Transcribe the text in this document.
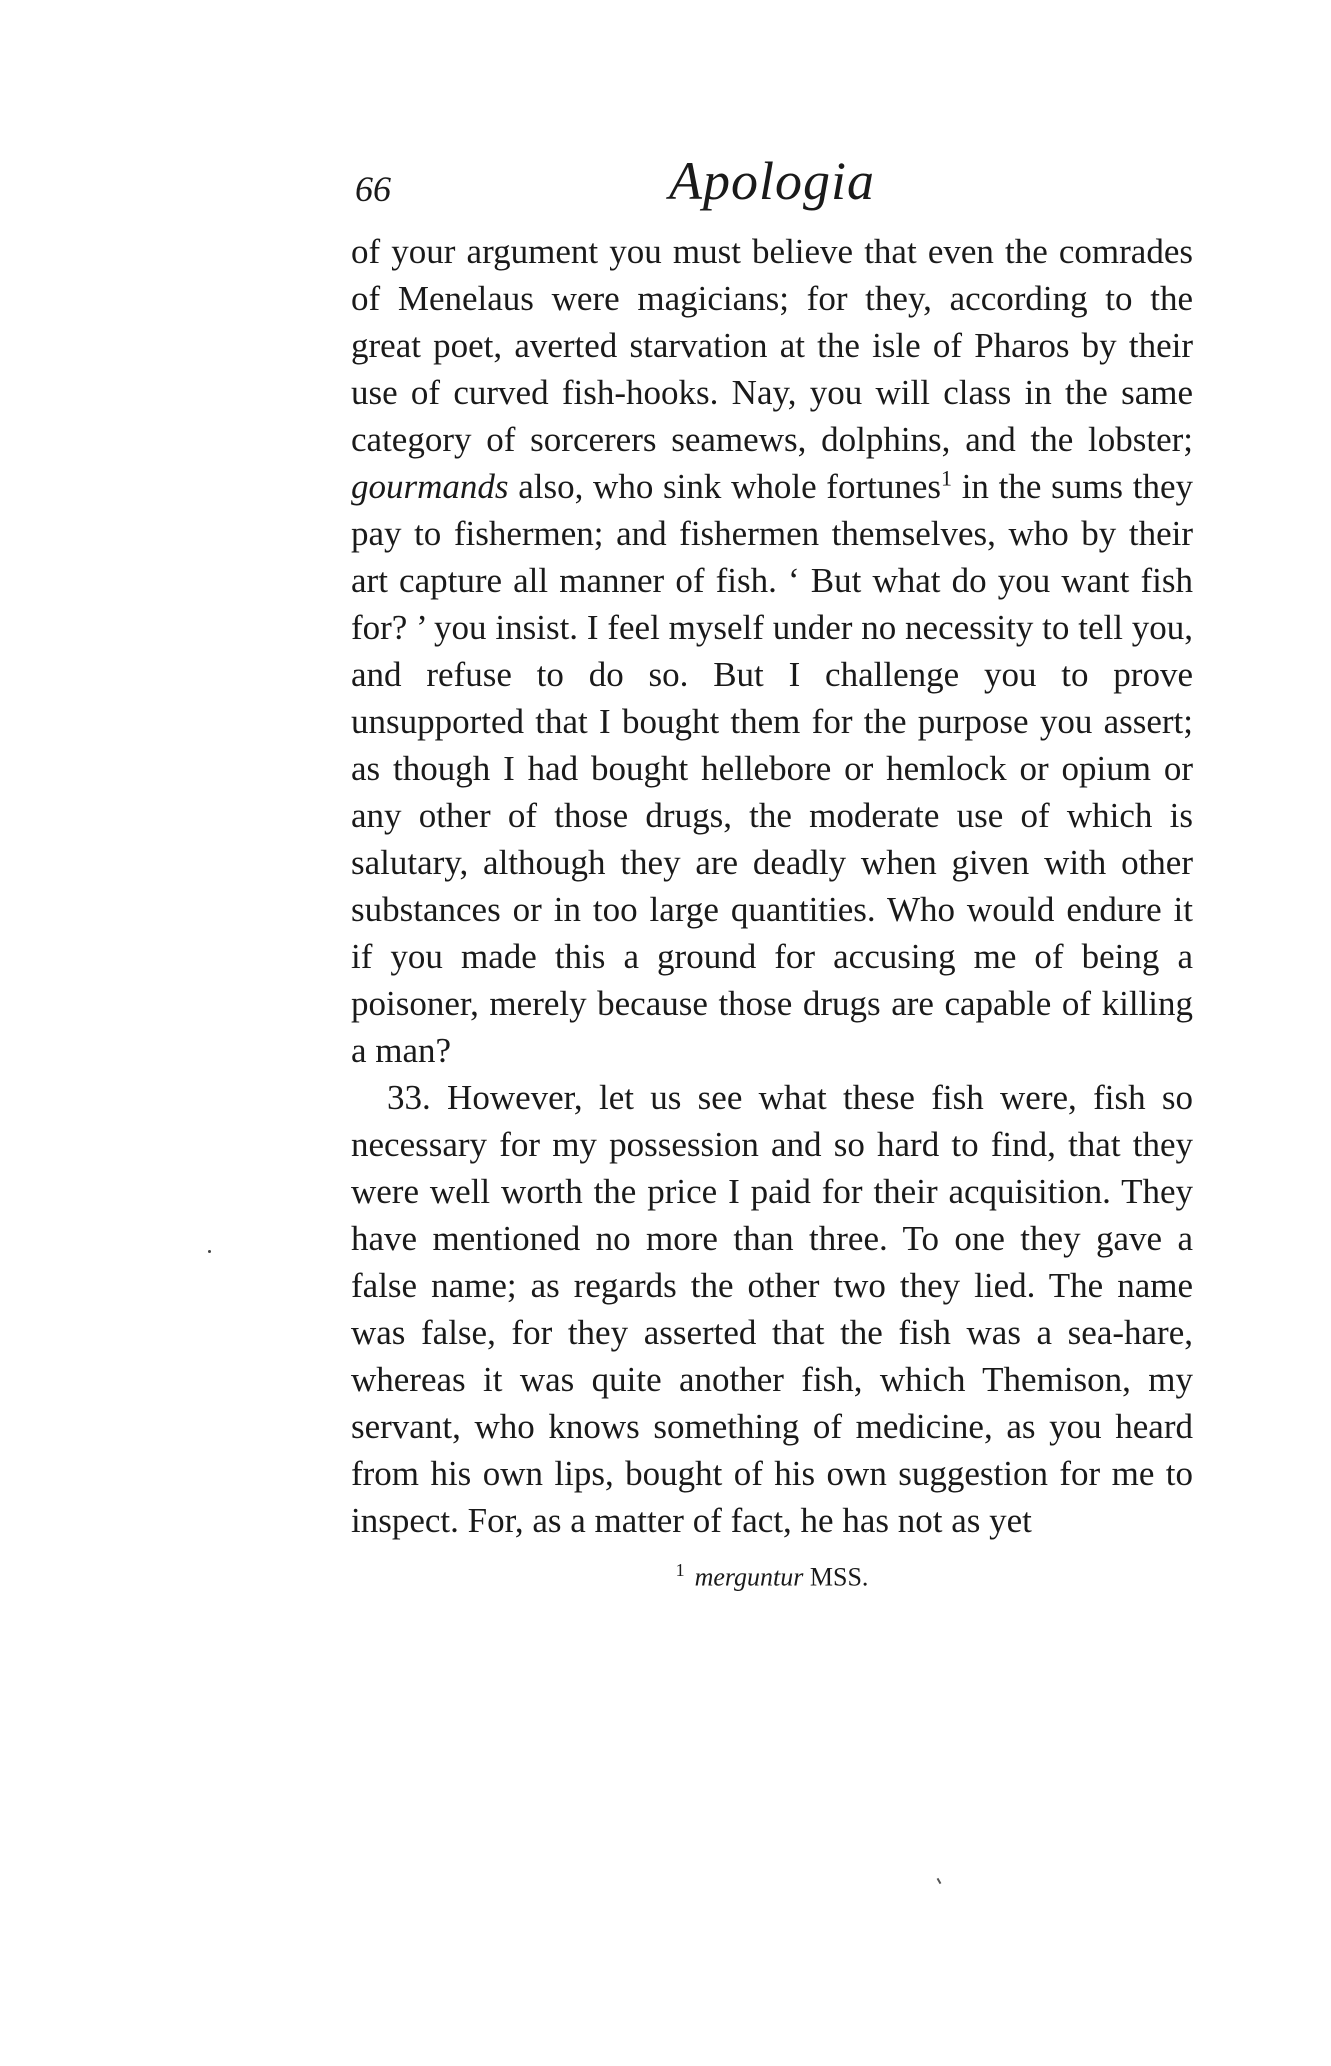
66	Apologia

of your argument you must believe that even the comrades of Menelaus were magicians; for they, according to the great poet, averted starvation at the isle of Pharos by their use of curved fish-hooks. Nay, you will class in the same category of sorcerers seamews, dolphins, and the lobster; gourmands also, who sink whole fortunes$^1$ in the sums they pay to fishermen; and fishermen themselves, who by their art capture all manner of fish. ‘ But what do you want fish for? ’ you insist. I feel myself under no necessity to tell you, and refuse to do so. But I challenge you to prove unsupported that I bought them for the purpose you assert; as though I had bought hellebore or hemlock or opium or any other of those drugs, the moderate use of which is salutary, although they are deadly when given with other substances or in too large quantities. Who would endure it if you made this a ground for accusing me of being a poisoner, merely because those drugs are capable of killing a man?

33. However, let us see what these fish were, fish so necessary for my possession and so hard to find, that they were well worth the price I paid for their acquisition. They have mentioned no more than three. To one they gave a false name; as regards the other two they lied. The name was false, for they asserted that the fish was a sea-hare, whereas it was quite another fish, which Themison, my servant, who knows something of medicine, as you heard from his own lips, bought of his own suggestion for me to inspect. For, as a matter of fact, he has not as yet

$^1$ merguntur MSS.
